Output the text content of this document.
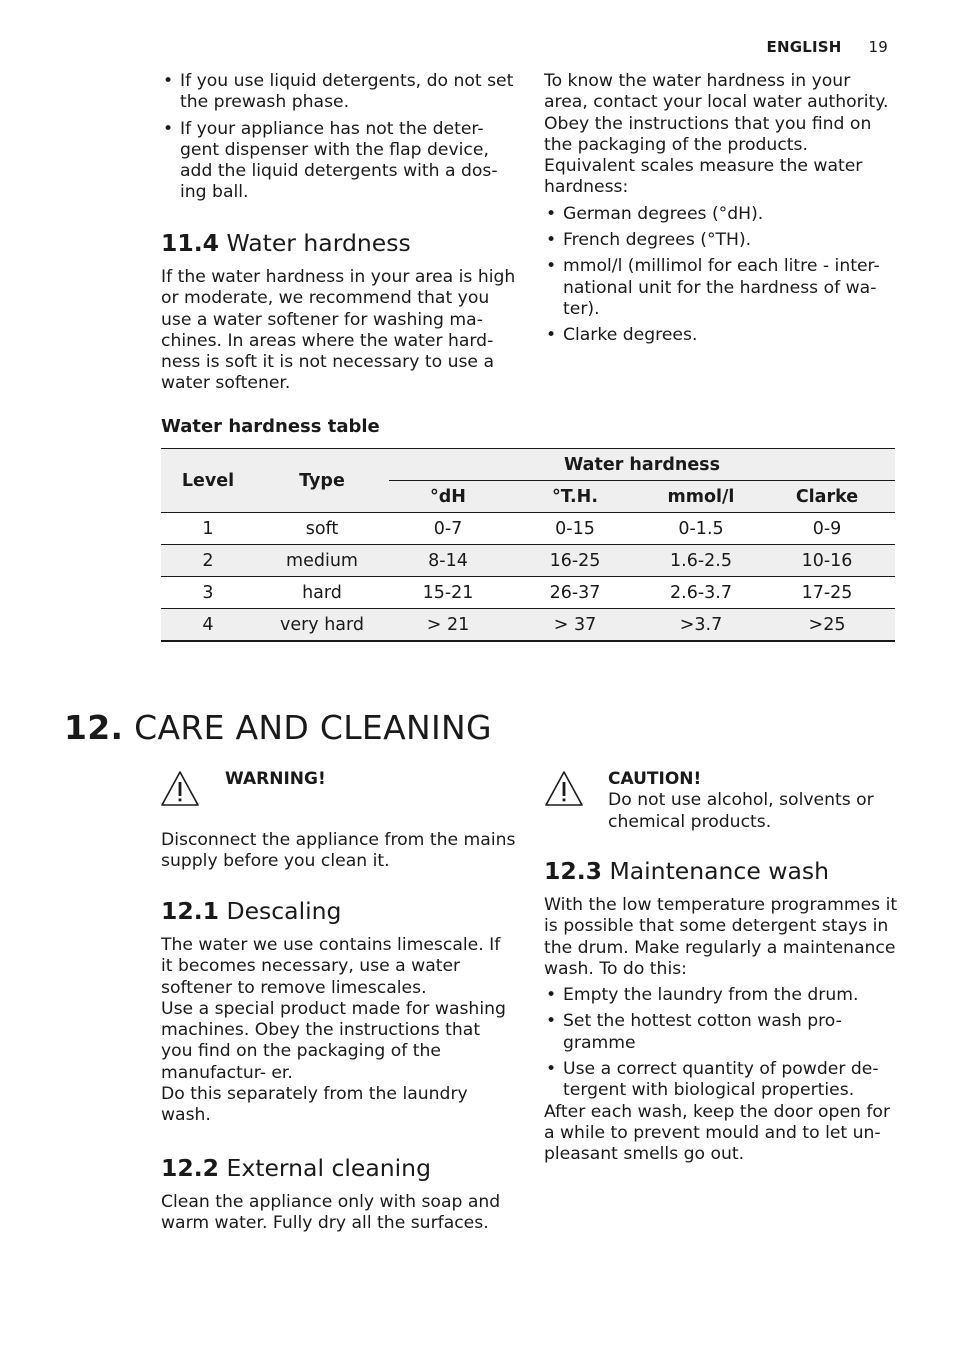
ENGLISH 19
• If you use liquid detergents, do not set the prewash phase.
• If your appliance has not the deter- gent dispenser with the flap device, add the liquid detergents with a dos- ing ball.
11.4 Water hardness

If the water hardness in your area is high or moderate, we recommend that you use a water softener for washing ma- chines. In areas where the water hard- ness is soft it is not necessary to use a water softener.

To know the water hardness in your area, contact your local water authority.

Obey the instructions that you find on the packaging of the products.

Equivalent scales measure the water hardness:

• German degrees (°dH).
• French degrees (°TH).
• mmol/l (millimol for each litre - inter- national unit for the hardness of wa- ter).
• Clarke degrees.
Water hardness table
Level	Type	Water hardness			
		°dH	°T.H.	mmol/l	Clarke
1	soft	0-7	0-15	0-1.5	0-9
2	medium	8-14	16-25	1.6-2.5	10-16
3	hard	15-21	26-37	2.6-3.7	17-25
4	very hard	> 21	> 37	>3.7	>25
12. CARE AND CLEANING
WARNING!
Disconnect the appliance from the mains supply before you clean it.
CAUTION!
Do not use alcohol, solvents or chemical products.
12.1 Descaling

The water we use contains limescale. If it becomes necessary, use a water softener to remove limescales.

Use a special product made for washing machines. Obey the instructions that you find on the packaging of the manufactur- er.

Do this separately from the laundry wash.

12.2 External cleaning

Clean the appliance only with soap and warm water. Fully dry all the surfaces.

12.3 Maintenance wash

With the low temperature programmes it is possible that some detergent stays in the drum. Make regularly a maintenance wash. To do this:

• Empty the laundry from the drum.
• Set the hottest cotton wash pro- gramme
• Use a correct quantity of powder de- tergent with biological properties.

After each wash, keep the door open for a while to prevent mould and to let un- pleasant smells go out.
